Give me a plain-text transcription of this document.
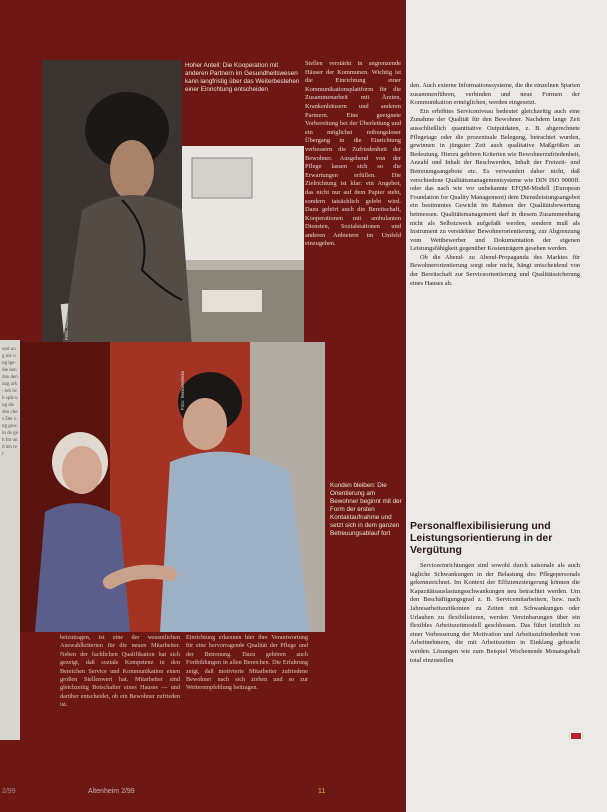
und ung uie ung ige- die hen dan den ung ark- ieh lich spät ung die den ches Der ung gesc in de geh Im und ten rer
Hoher Anteil: Die Kooperation mit anderen Partnern im Gesundheitswesen kann langfristig über das Weiterbestehen einer Einrichtung entscheiden
Foto: Ärzteschaft
Stellen verstärkt in angrenzende Häuser der Kommunen. Wichtig ist die Einrichtung einer Kommunikationsplattform für die Zusammenarbeit mit Ärzten, Krankenhäusern und anderen Partnern. Eine geeignete Vorbereitung bei der Überleitung und ein möglichst reibungsloser Übergang in die Einrichtung verbessern die Zufriedenheit der Bewohner. Ausgehend von der Pflege lassen sich so die Erwartungen erfüllen. Die Zielrichtung ist klar: ein Angebot, das nicht nur auf dem Papier steht, sondern tatsächlich gelebt wird. Dazu gehört auch die Bereitschaft, Kooperationen mit ambulanten Diensten, Sozialstationen und anderen Anbietern im Umfeld einzugehen.
Foto: Seniorenheim
Kunden bleiben: Die Orientierung am Bewohner beginnt mit der Form der ersten Kontaktaufnahme und setzt sich in dem ganzen Betreuungsablauf fort
beizutragen, ist eine der wesentlichen Auswahlkriterien für die neuen Mitarbeiter. Neben der fachlichen Qualifikation hat sich gezeigt, daß soziale Kompetenz in den Bereichen Service und Kommunikation einen großen Stellenwert hat. Mitarbeiter sind gleichzeitig Botschafter eines Hauses — und darüber entscheidet, ob ein Bewohner zufrieden ist.
Einrichtung erkennen hier ihre Verantwortung für eine hervorragende Qualität der Pflege und der Betreuung. Dazu gehören auch Fortbildungen in allen Bereichen. Die Erfahrung zeigt, daß motivierte Mitarbeiter zufriedene Bewohner nach sich ziehen und so zur Weiterempfehlung beitragen.

den. Auch externe Informationssysteme, die die einzelnen Sparten zusammenführen, verbinden und neue Formen der Kommunikation ermöglichen, werden eingesetzt.

Ein erhöhtes Serviceniveau bedeutet gleichzeitig auch eine Zunahme der Qualität für den Bewohner. Nachdem lange Zeit ausschließlich quantitative Outputdaten, z. B. abgerechnete Pflegetage oder die prozentuale Belegung, betrachtet wurden, gewinnen in jüngster Zeit auch qualitative Maßgrößen an Bedeutung. Hierzu gehören Kriterien wie Bewohnerzufriedenheit, Anzahl und Inhalt der Beschwerden, Inhalt der Freizeit- und Betreuungsangebote etc. Es verwundert daher nicht, daß verschiedene Qualitätsmanagementsysteme wie DIN ISO 9000ff. oder das nach wie vor unbekannte EFQM-Modell (European Foundation for Quality Management) dem Dienstleistungsangebot ein bestimmtes Gewicht im Rahmen der Qualitätsbewertung beimessen. Qualitätsmanagement darf in diesem Zusammenhang nicht als Selbstzweck aufgefaßt werden, sondern muß als Instrument zu verstärkter Bewohnerorientierung, zur Abgrenzung vom Wettbewerber und Dokumentation der eigenen Leistungsfähigkeit gegenüber Kostenträgern gesehen werden.

Ob die Abend- zu Abend-Propaganda des Marktes für Bewohnerorientierung sorgt oder nicht, hängt entscheidend von der Bereitschaft zur Serviceorientierung und Qualitätssicherung eines Hauses ab.

Personalflexibilisierung und Leistungsorientierung in der Vergütung
Serviceeinrichtungen sind sowohl durch saisonale als auch tägliche Schwankungen in der Belastung des Pflegepersonals gekennzeichnet. Im Kontext der Effizienzsteigerung können die Kapazitätsauslastungsschwankungen neu betrachtet werden. Um den Beschäftigungsgrad z. B. Servicemitarbeitern, bzw. nach Jahresarbeitszeitkonten zu Zeiten mit Schwankungen oder Urlauben zu flexibilisieren, werden Vereinbarungen über ein flexibles Arbeitszeitmodell geschlossen. Das führt letztlich zu einer Verbesserung der Motivation und Arbeitszufriedenheit von Arbeitnehmern, die mit Arbeitszeiten in Einklang gebracht werden. Lösungen wie zum Beispiel Wochenende Monatsgehalt total einzustellen
2/99	Altenheim 2/99	11
